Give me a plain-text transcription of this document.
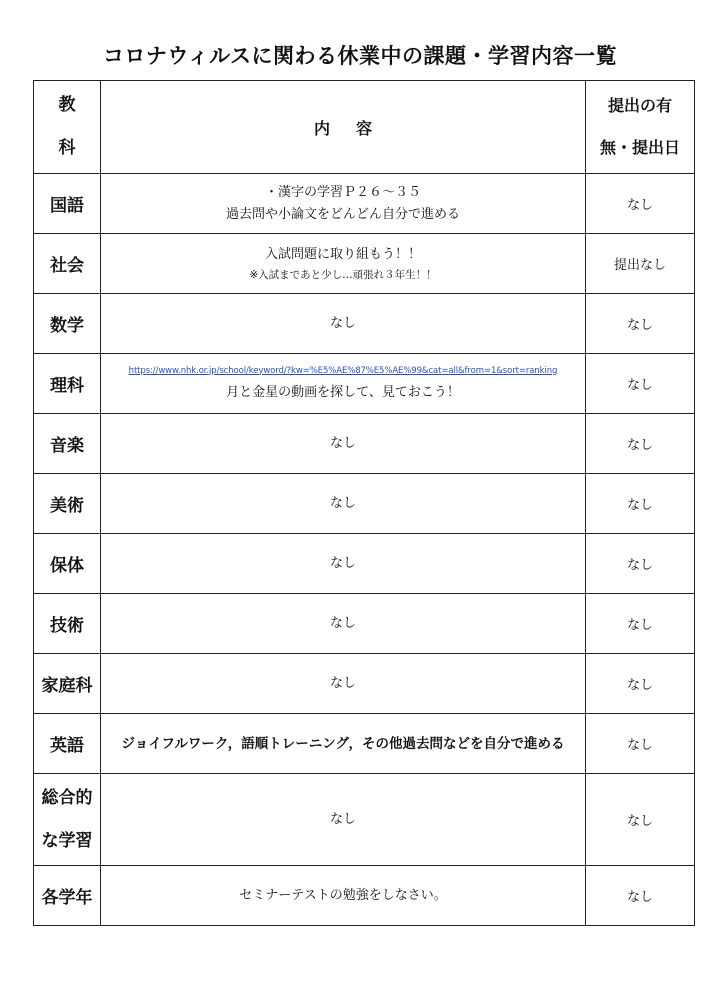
コロナウィルスに関わる休業中の課題・学習内容一覧
教
科	内容	提出の有
無・提出日

国語	・漢字の学習Ｐ２６～３５
過去問や小論文をどんどん自分で進める	なし
社会	入試問題に取り組もう！！
※入試まであと少し…頑張れ３年生！！	提出なし
数学	なし	なし
理科	https://www.nhk.or.jp/school/keyword/?kw=%E5%AE%87%E5%AE%99&cat=all&from=1&sort=ranking
月と金星の動画を探して、見ておこう！	なし
音楽	なし	なし
美術	なし	なし
保体	なし	なし
技術	なし	なし
家庭科	なし	なし
英語	ジョイフルワーク，語順トレーニング，その他過去問などを自分で進める	なし

総合的
な学習	なし	なし
各学年	セミナーテストの勉強をしなさい。	なし
